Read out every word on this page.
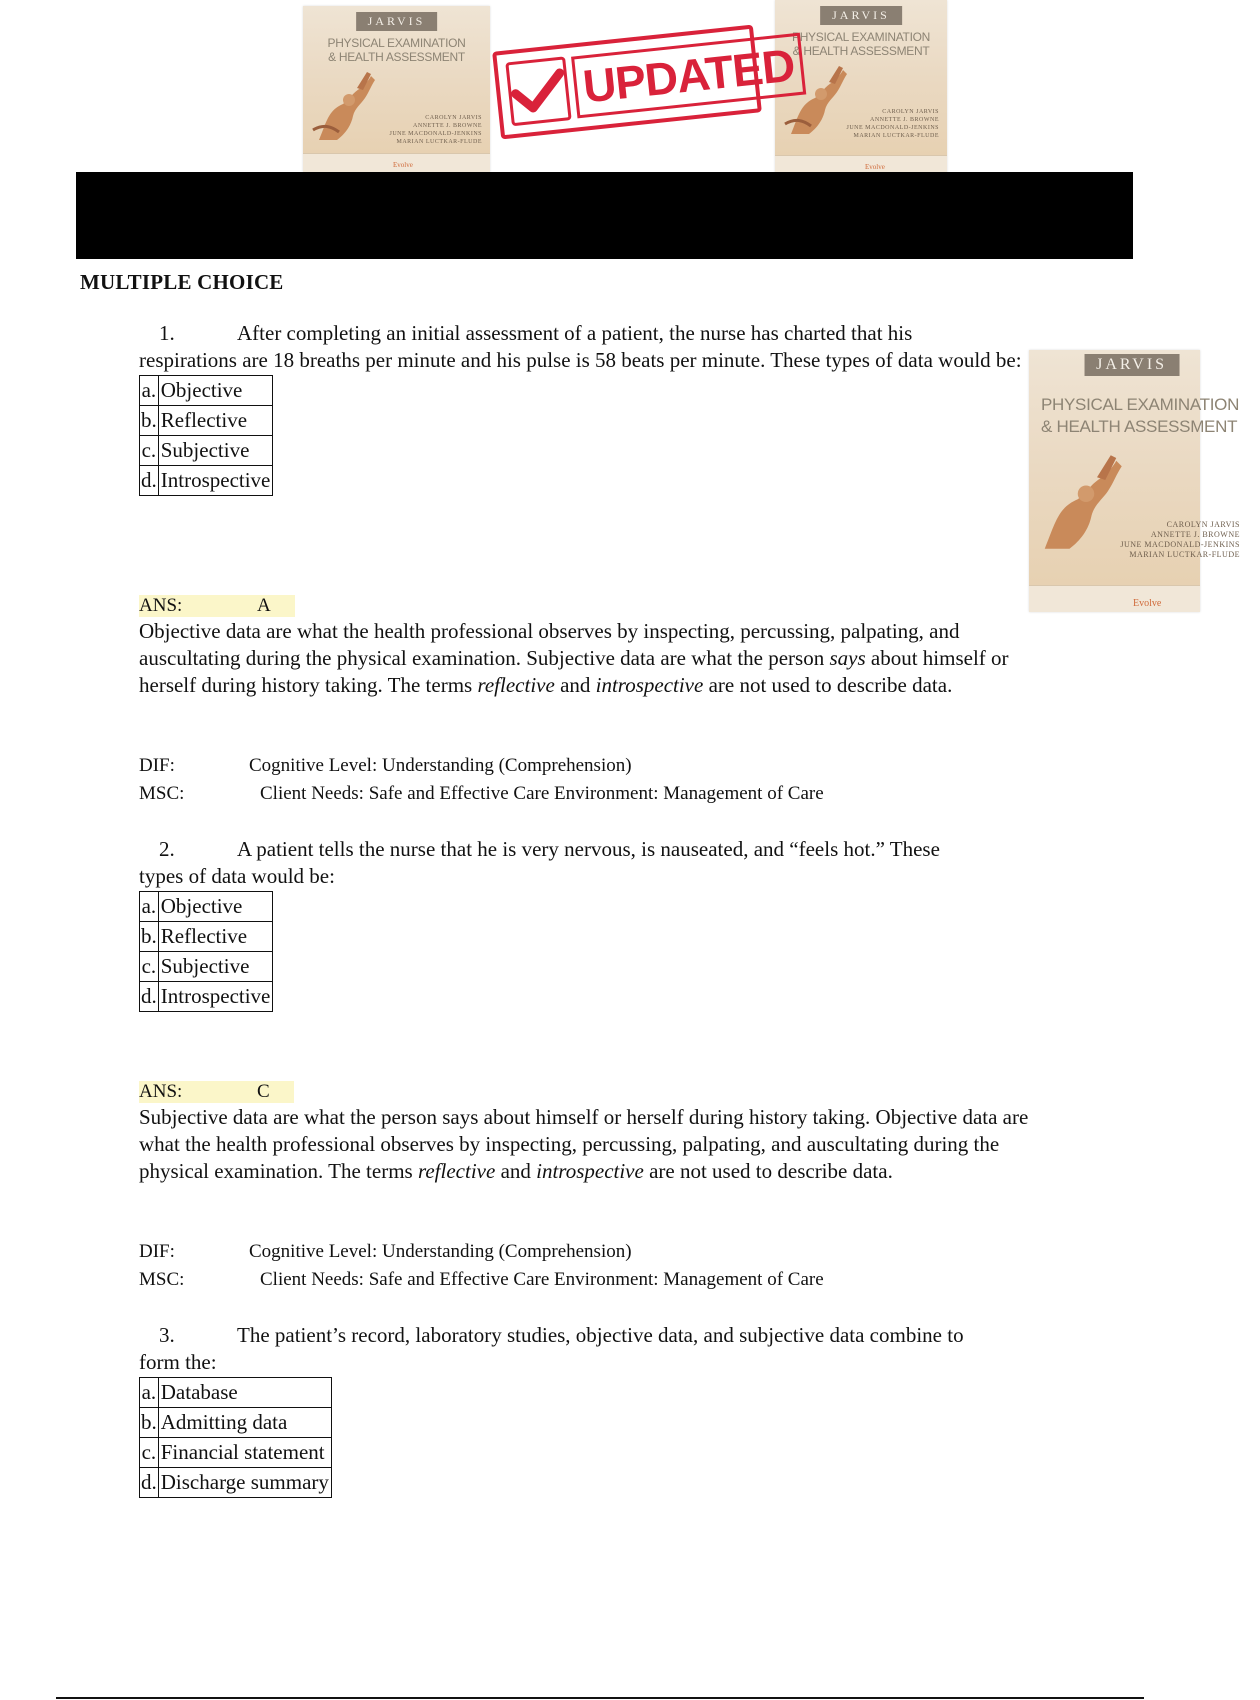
JARVIS
PHYSICAL EXAMINATION
& HEALTH ASSESSMENT
CAROLYN JARVIS
ANNETTE J. BROWNE
JUNE MACDONALD-JENKINS
MARIAN LUCTKAR-FLUDE
Evolve
JARVIS
PHYSICAL EXAMINATION
& HEALTH ASSESSMENT
CAROLYN JARVIS
ANNETTE J. BROWNE
JUNE MACDONALD-JENKINS
MARIAN LUCTKAR-FLUDE
Evolve
JARVIS
PHYSICAL EXAMINATION
& HEALTH ASSESSMENT
CAROLYN JARVIS
ANNETTE J. BROWNE
JUNE MACDONALD-JENKINS
MARIAN LUCTKAR-FLUDE
Evolve
UPDATED
MULTIPLE CHOICE
1.	After completing an initial assessment of a patient, the nurse has charted that his
respirations are 18 breaths per minute and his pulse is 58 beats per minute. These types of data would be:
a.	Objective
b.	Reflective
c.	Subjective
d.	Introspective
ANS:	A
Objective data are what the health professional observes by inspecting, percussing, palpating, and auscultating during the physical examination. Subjective data are what the person says about himself or herself during history taking. The terms reflective and introspective are not used to describe data.
DIF:	Cognitive Level: Understanding (Comprehension)
MSC:	Client Needs: Safe and Effective Care Environment: Management of Care
2.	A patient tells the nurse that he is very nervous, is nauseated, and “feels hot.” These
types of data would be:
a.	Objective
b.	Reflective
c.	Subjective
d.	Introspective
ANS:	C
Subjective data are what the person says about himself or herself during history taking. Objective data are what the health professional observes by inspecting, percussing, palpating, and auscultating during the physical examination. The terms reflective and introspective are not used to describe data.
DIF:	Cognitive Level: Understanding (Comprehension)
MSC:	Client Needs: Safe and Effective Care Environment: Management of Care
3.	The patient’s record, laboratory studies, objective data, and subjective data combine to
form the:
a.	Database
b.	Admitting data
c.	Financial statement
d.	Discharge summary
